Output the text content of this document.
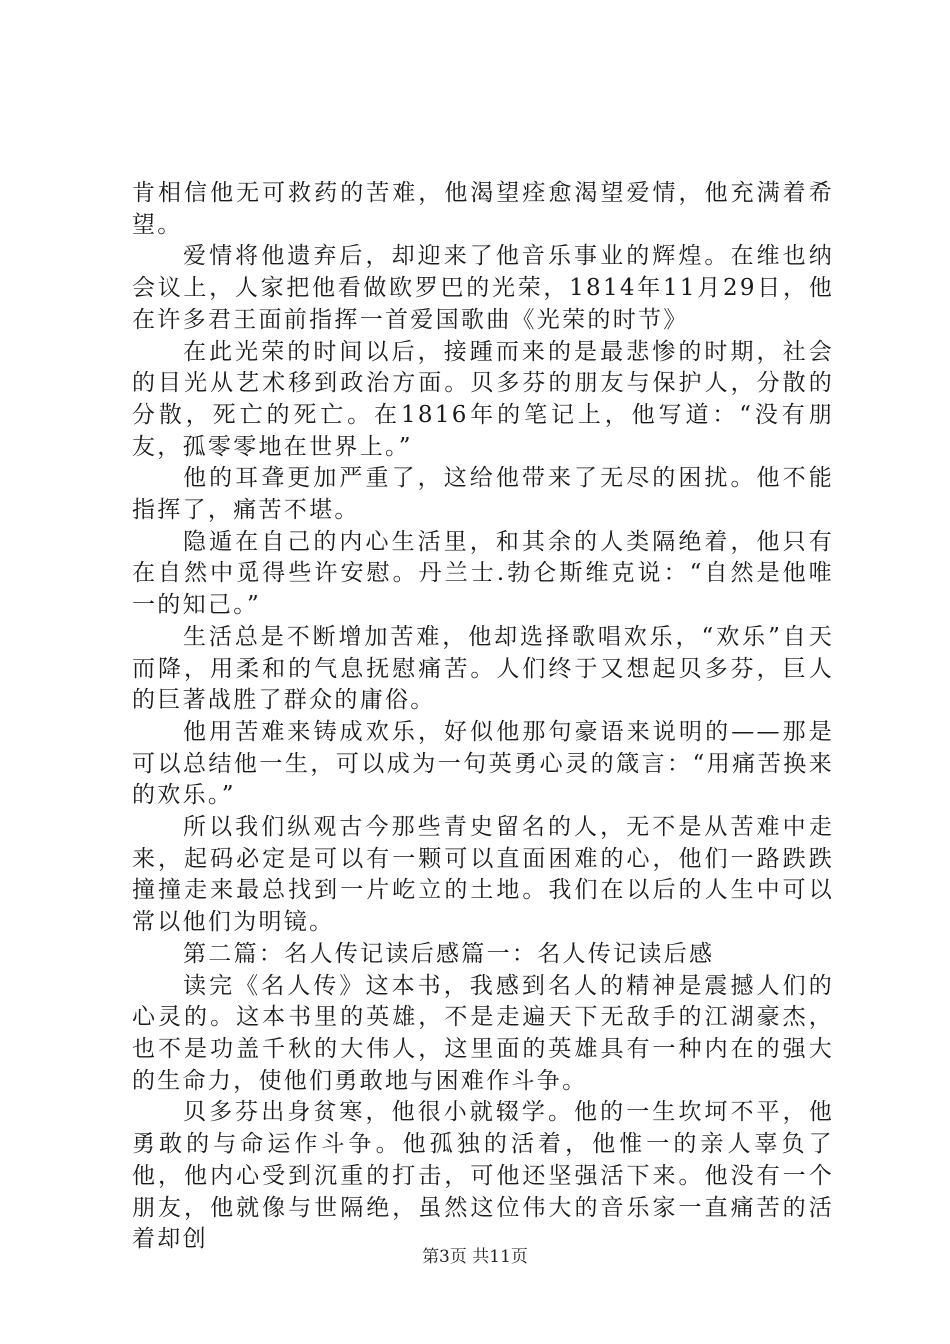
肯相信他无可救药的苦难，他渴望痊愈渴望爱情，他充满着希望。

爱情将他遗弃后，却迎来了他音乐事业的辉煌。在维也纳会议上，人家把他看做欧罗巴的光荣，1814年11月29日，他在许多君王面前指挥一首爱国歌曲《光荣的时节》

在此光荣的时间以后，接踵而来的是最悲惨的时期，社会的目光从艺术移到政治方面。贝多芬的朋友与保护人，分散的分散，死亡的死亡。在1816年的笔记上，他写道：“没有朋友，孤零零地在世界上。”

他的耳聋更加严重了，这给他带来了无尽的困扰。他不能指挥了，痛苦不堪。

隐遁在自己的内心生活里，和其余的人类隔绝着，他只有在自然中觅得些许安慰。丹兰士.勃仑斯维克说：“自然是他唯一的知己。”

生活总是不断增加苦难，他却选择歌唱欢乐，“欢乐”自天而降，用柔和的气息抚慰痛苦。人们终于又想起贝多芬，巨人的巨著战胜了群众的庸俗。

他用苦难来铸成欢乐，好似他那句豪语来说明的——那是可以总结他一生，可以成为一句英勇心灵的箴言：“用痛苦换来的欢乐。”

所以我们纵观古今那些青史留名的人，无不是从苦难中走来，起码必定是可以有一颗可以直面困难的心，他们一路跌跌撞撞走来最总找到一片屹立的土地。我们在以后的人生中可以常以他们为明镜。

第二篇：名人传记读后感篇一：名人传记读后感

读完《名人传》这本书，我感到名人的精神是震撼人们的心灵的。这本书里的英雄，不是走遍天下无敌手的江湖豪杰，也不是功盖千秋的大伟人，这里面的英雄具有一种内在的强大的生命力，使他们勇敢地与困难作斗争。

贝多芬出身贫寒，他很小就辍学。他的一生坎坷不平，他勇敢的与命运作斗争。他孤独的活着，他惟一的亲人辜负了他，他内心受到沉重的打击，可他还坚强活下来。他没有一个朋友，他就像与世隔绝，虽然这位伟大的音乐家一直痛苦的活着却创

第3页 共11页
